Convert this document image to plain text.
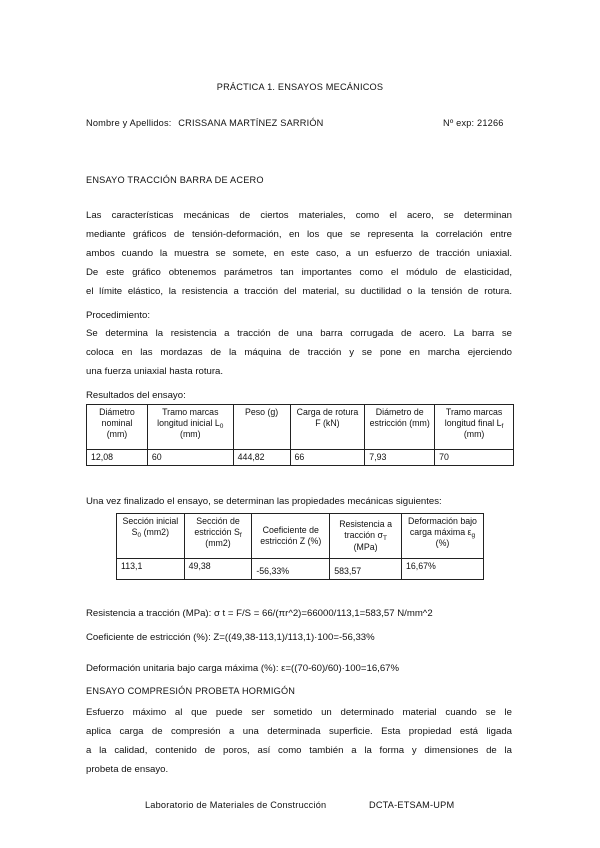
PRÁCTICA 1. ENSAYOS MECÁNICOS
Nombre y Apellidos: CRISSANA MARTÍNEZ SARRIÓN	Nº exp: 21266
ENSAYO TRACCIÓN BARRA DE ACERO
Las características mecánicas de ciertos materiales, como el acero, se determinan
mediante gráficos de tensión-deformación, en los que se representa la correlación entre
ambos cuando la muestra se somete, en este caso, a un esfuerzo de tracción uniaxial.
De este gráfico obtenemos parámetros tan importantes como el módulo de elasticidad,
el límite elástico, la resistencia a tracción del material, su ductilidad o la tensión de rotura.
Procedimiento:
Se determina la resistencia a tracción de una barra corrugada de acero. La barra se
coloca en las mordazas de la máquina de tracción y se pone en marcha ejerciendo
una fuerza uniaxial hasta rotura.
Resultados del ensayo:
Diámetro nominal (mm)	Tramo marcas longitud inicial $L_0$ (mm)	Peso (g)	Carga de rotura F (kN)	Diámetro de estricción (mm)	Tramo marcas longitud final $L_f$ (mm)
12,08	60	444,82	66	7,93	70
Una vez finalizado el ensayo, se determinan las propiedades mecánicas siguientes:
Sección inicial $S_0$ (mm2)	Sección de estricción $S_f$ (mm2)	Coeficiente de estricción Z (%)	Resistencia a tracción $\sigma_T$ (MPa)	Deformación bajo carga máxima $\varepsilon_g$ (%)
113,1	49,38	-56,33%	583,57	16,67%
Resistencia a tracción (MPa): σ t = F/S = 66/(πr^2)=66000/113,1=583,57 N/mm^2
Coeficiente de estricción (%): Z=((49,38-113,1)/113,1)·100=-56,33%
Deformación unitaria bajo carga máxima (%): ε=((70-60)/60)·100=16,67%
ENSAYO COMPRESIÓN PROBETA HORMIGÓN
Esfuerzo máximo al que puede ser sometido un determinado material cuando se le
aplica carga de compresión a una determinada superficie. Esta propiedad está ligada
a la calidad, contenido de poros, así como también a la forma y dimensiones de la
probeta de ensayo.
Laboratorio de Materiales de Construcción	DCTA-ETSAM-UPM
